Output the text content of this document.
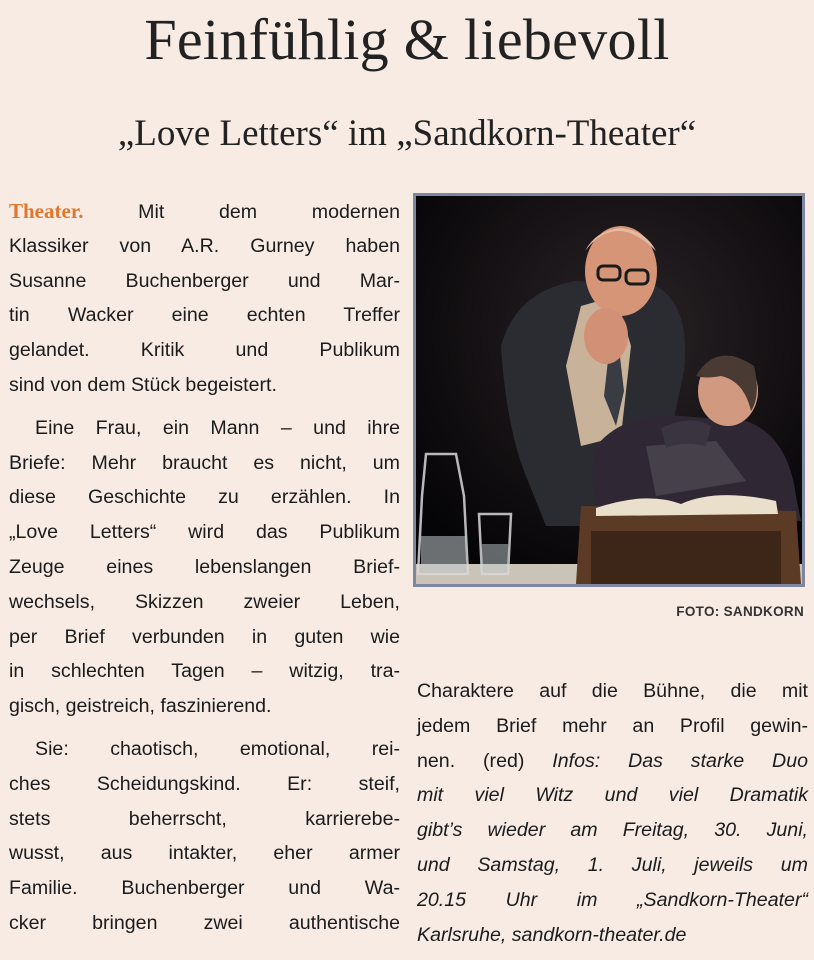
Feinfühlig & liebevoll
„Love Letters“ im „Sandkorn-Theater“
Theater. Mit dem modernen
Klassiker von A.R. Gurney haben
Susanne Buchenberger und Mar-
tin Wacker eine echten Treffer
gelandet. Kritik und Publikum
sind von dem Stück begeistert.
Eine Frau, ein Mann – und ihre
Briefe: Mehr braucht es nicht, um
diese Geschichte zu erzählen. In
„Love Letters“ wird das Publikum
Zeuge eines lebenslangen Brief-
wechsels, Skizzen zweier Leben,
per Brief verbunden in guten wie
in schlechten Tagen – witzig, tra-
gisch, geistreich, faszinierend.
Sie: chaotisch, emotional, rei-
ches Scheidungskind. Er: steif,
stets beherrscht, karrierebe-
wusst, aus intakter, eher armer
Familie. Buchenberger und Wa-
cker bringen zwei authentische
FOTO: SANDKORN
Charaktere auf die Bühne, die mit
jedem Brief mehr an Profil gewin-
nen. (red) Infos: Das starke Duo
mit viel Witz und viel Dramatik
gibt’s wieder am Freitag, 30. Juni,
und Samstag, 1. Juli, jeweils um
20.15 Uhr im „Sandkorn-Theater“
Karlsruhe, sandkorn-theater.de
